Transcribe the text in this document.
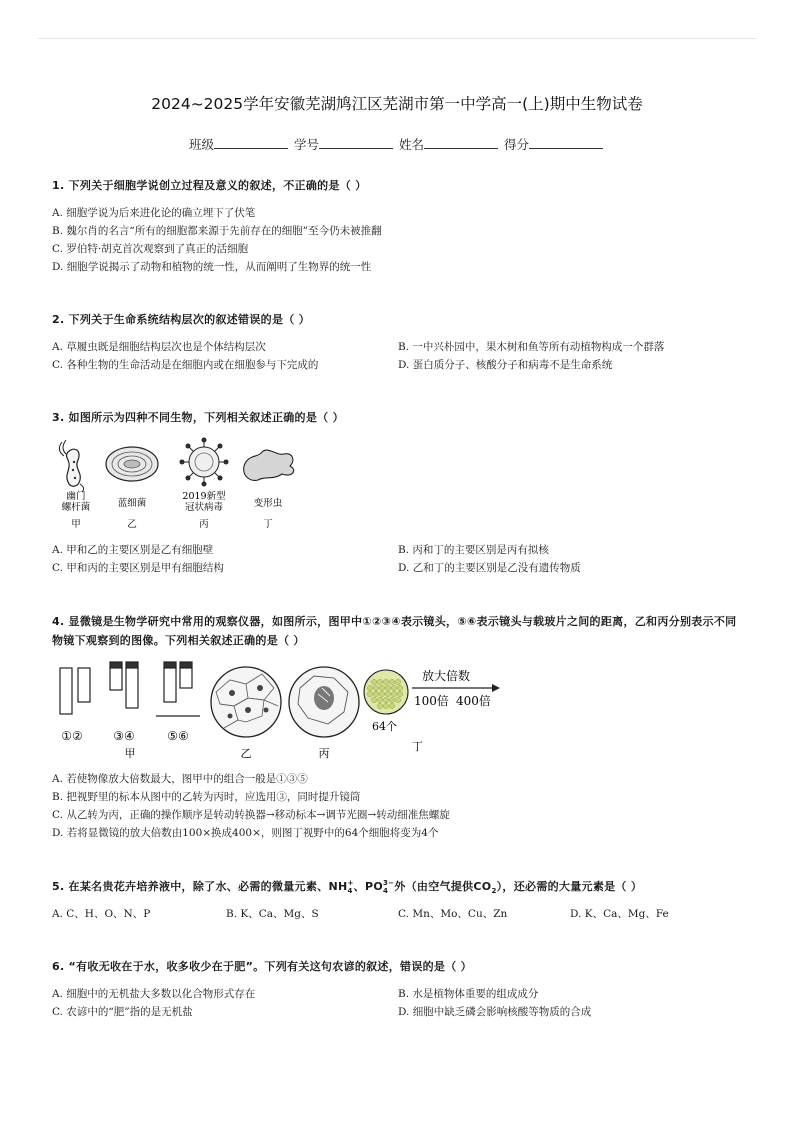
2024~2025学年安徽芜湖鸠江区芜湖市第一中学高一(上)期中生物试卷
班级	学号	姓名	得分
1. 下列关于细胞学说创立过程及意义的叙述，不正确的是（ ）
A. 细胞学说为后来进化论的确立埋下了伏笔
B. 魏尔肖的名言“所有的细胞都来源于先前存在的细胞”至今仍未被推翻
C. 罗伯特·胡克首次观察到了真正的活细胞
D. 细胞学说揭示了动物和植物的统一性，从而阐明了生物界的统一性
2. 下列关于生命系统结构层次的叙述错误的是（ ）
A. 草履虫既是细胞结构层次也是个体结构层次	B. 一中兴朴园中，果木树和鱼等所有动植物构成一个群落
C. 各种生物的生命活动是在细胞内或在细胞参与下完成的	D. 蛋白质分子、核酸分子和病毒不是生命系统
3. 如图所示为四种不同生物，下列相关叙述正确的是（ ）
幽门
螺杆菌
甲
蓝细菌
乙
2019新型
冠状病毒
丙
变形虫
丁
A. 甲和乙的主要区别是乙有细胞壁	B. 丙和丁的主要区别是丙有拟核
C. 甲和丙的主要区别是甲有细胞结构	D. 乙和丁的主要区别是乙没有遗传物质
4. 显微镜是生物学研究中常用的观察仪器，如图所示，图甲中①②③④表示镜头，⑤⑥表示镜头与载玻片之间的距离，乙和丙分别表示不同物镜下观察到的图像。下列相关叙述正确的是（ ）
①②	③④	⑤⑥
甲	乙	丙
64个
丁
放大倍数
100倍 400倍
A. 若使物像放大倍数最大，图甲中的组合一般是①③⑤
B. 把视野里的标本从图中的乙转为丙时，应选用③，同时提升镜筒
C. 从乙转为丙，正确的操作顺序是转动转换器→移动标本→调节光圈→转动细准焦螺旋
D. 若将显微镜的放大倍数由100×换成400×，则图丁视野中的64个细胞将变为4个
5. 在某名贵花卉培养液中，除了水、必需的微量元素、NH +
4 、PO 3−
4 外（由空气提供$CO_2$），还必需的大量元素是（ ）
A. C、H、O、N、P	B. K、Ca、Mg、S	C. Mn、Mo、Cu、Zn	D. K、Ca、Mg、Fe
6. “有收无收在于水，收多收少在于肥”。下列有关这句农谚的叙述，错误的是（ ）
A. 细胞中的无机盐大多数以化合物形式存在	B. 水是植物体重要的组成成分
C. 农谚中的“肥”指的是无机盐	D. 细胞中缺乏磷会影响核酸等物质的合成
